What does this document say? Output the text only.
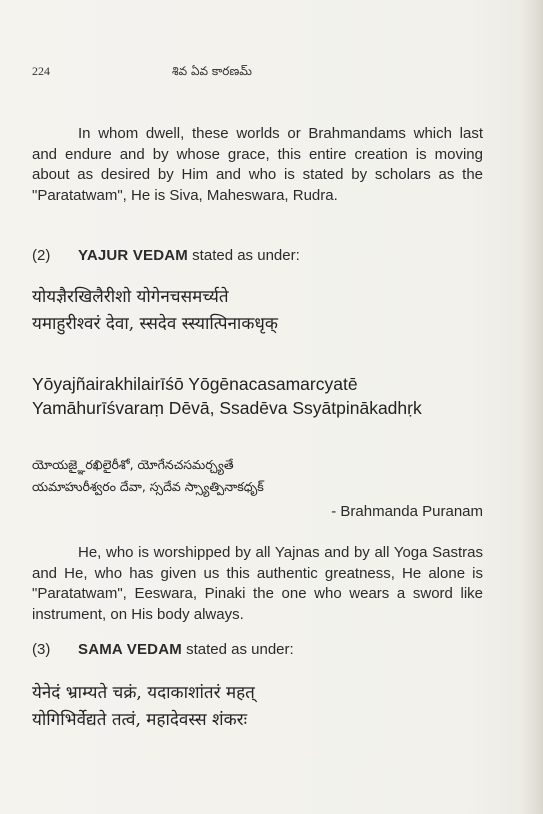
224	శివ ఏవ కారణమ్

In whom dwell, these worlds or Brahmandams which last and endure and by whose grace, this entire creation is moving about as desired by Him and who is stated by scholars as the "Paratatwam", He is Siva, Maheswara, Rudra.

(2) YAJUR VEDAM stated as under:
योयज्ञैरखिलैरीशो योगेनचसमर्च्यते
यमाहुरीश्वरं देवा, स्सदेव स्स्यात्पिनाकधृक्
Yōyajñairakhilairīśō Yōgēnacasamarcyatē
Yamāhurīśvaraṃ Dēvā, Ssadēva Ssyātpinākadhṛk
యోయజ్ఞైరఖిలైరీశో, యోగేనచసమర్చ్యతే
యమాహురీశ్వరం దేవా, స్సదేవ స్స్యాత్పినాకధృక్
- Brahmanda Puranam

He, who is worshipped by all Yajnas and by all Yoga Sastras and He, who has given us this authentic greatness, He alone is "Paratatwam", Eeswara, Pinaki the one who wears a sword like instrument, on His body always.

(3) SAMA VEDAM stated as under:
येनेदं भ्राम्यते चक्रं, यदाकाशांतरं महत्
योगिभिर्वेद्यते तत्वं, महादेवस्स शंकरः
